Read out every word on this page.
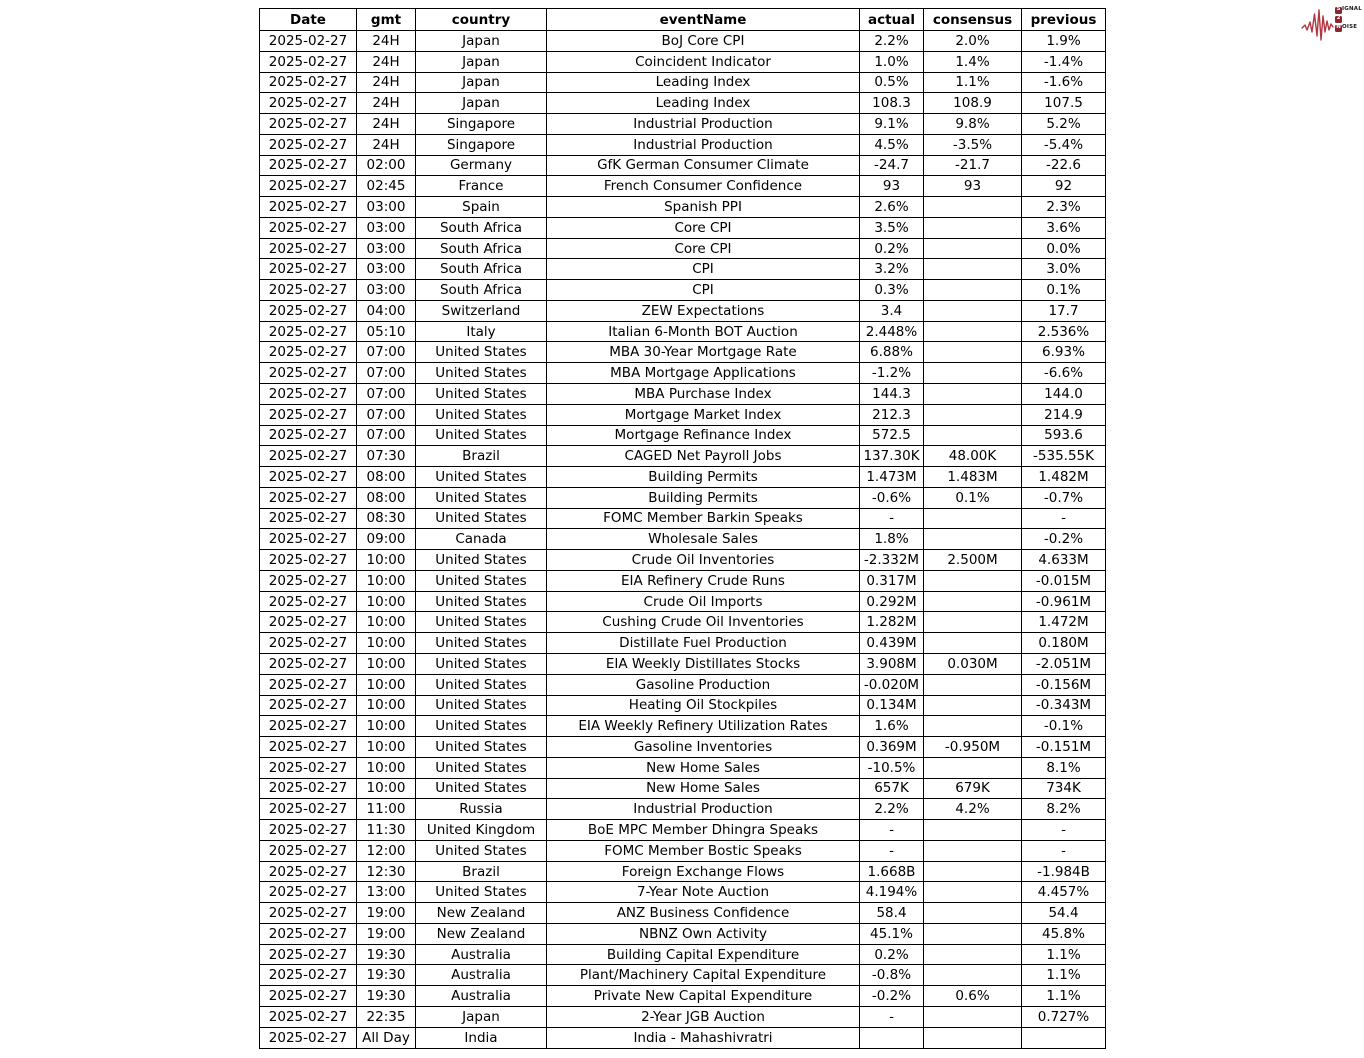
Date	gmt	country	eventName	actual	consensus	previous
2025-02-27	24H	Japan	BoJ Core CPI	2.2%	2.0%	1.9%
2025-02-27	24H	Japan	Coincident Indicator	1.0%	1.4%	-1.4%
2025-02-27	24H	Japan	Leading Index	0.5%	1.1%	-1.6%
2025-02-27	24H	Japan	Leading Index	108.3	108.9	107.5
2025-02-27	24H	Singapore	Industrial Production	9.1%	9.8%	5.2%
2025-02-27	24H	Singapore	Industrial Production	4.5%	-3.5%	-5.4%
2025-02-27	02:00	Germany	GfK German Consumer Climate	-24.7	-21.7	-22.6
2025-02-27	02:45	France	French Consumer Confidence	93	93	92
2025-02-27	03:00	Spain	Spanish PPI	2.6%		2.3%
2025-02-27	03:00	South Africa	Core CPI	3.5%		3.6%
2025-02-27	03:00	South Africa	Core CPI	0.2%		0.0%
2025-02-27	03:00	South Africa	CPI	3.2%		3.0%
2025-02-27	03:00	South Africa	CPI	0.3%		0.1%
2025-02-27	04:00	Switzerland	ZEW Expectations	3.4		17.7
2025-02-27	05:10	Italy	Italian 6-Month BOT Auction	2.448%		2.536%
2025-02-27	07:00	United States	MBA 30-Year Mortgage Rate	6.88%		6.93%
2025-02-27	07:00	United States	MBA Mortgage Applications	-1.2%		-6.6%
2025-02-27	07:00	United States	MBA Purchase Index	144.3		144.0
2025-02-27	07:00	United States	Mortgage Market Index	212.3		214.9
2025-02-27	07:00	United States	Mortgage Refinance Index	572.5		593.6
2025-02-27	07:30	Brazil	CAGED Net Payroll Jobs	137.30K	48.00K	-535.55K
2025-02-27	08:00	United States	Building Permits	1.473M	1.483M	1.482M
2025-02-27	08:00	United States	Building Permits	-0.6%	0.1%	-0.7%
2025-02-27	08:30	United States	FOMC Member Barkin Speaks	-		-
2025-02-27	09:00	Canada	Wholesale Sales	1.8%		-0.2%
2025-02-27	10:00	United States	Crude Oil Inventories	-2.332M	2.500M	4.633M
2025-02-27	10:00	United States	EIA Refinery Crude Runs	0.317M		-0.015M
2025-02-27	10:00	United States	Crude Oil Imports	0.292M		-0.961M
2025-02-27	10:00	United States	Cushing Crude Oil Inventories	1.282M		1.472M
2025-02-27	10:00	United States	Distillate Fuel Production	0.439M		0.180M
2025-02-27	10:00	United States	EIA Weekly Distillates Stocks	3.908M	0.030M	-2.051M
2025-02-27	10:00	United States	Gasoline Production	-0.020M		-0.156M
2025-02-27	10:00	United States	Heating Oil Stockpiles	0.134M		-0.343M
2025-02-27	10:00	United States	EIA Weekly Refinery Utilization Rates	1.6%		-0.1%
2025-02-27	10:00	United States	Gasoline Inventories	0.369M	-0.950M	-0.151M
2025-02-27	10:00	United States	New Home Sales	-10.5%		8.1%
2025-02-27	10:00	United States	New Home Sales	657K	679K	734K
2025-02-27	11:00	Russia	Industrial Production	2.2%	4.2%	8.2%
2025-02-27	11:30	United Kingdom	BoE MPC Member Dhingra Speaks	-		-
2025-02-27	12:00	United States	FOMC Member Bostic Speaks	-		-
2025-02-27	12:30	Brazil	Foreign Exchange Flows	1.668B		-1.984B
2025-02-27	13:00	United States	7-Year Note Auction	4.194%		4.457%
2025-02-27	19:00	New Zealand	ANZ Business Confidence	58.4		54.4
2025-02-27	19:00	New Zealand	NBNZ Own Activity	45.1%		45.8%
2025-02-27	19:30	Australia	Building Capital Expenditure	0.2%		1.1%
2025-02-27	19:30	Australia	Plant/Machinery Capital Expenditure	-0.8%		1.1%
2025-02-27	19:30	Australia	Private New Capital Expenditure	-0.2%	0.6%	1.1%
2025-02-27	22:35	Japan	2-Year JGB Auction	-		0.727%
2025-02-27	All Day	India	India - Mahashivratri			
S IGNAL
2
N OISE
